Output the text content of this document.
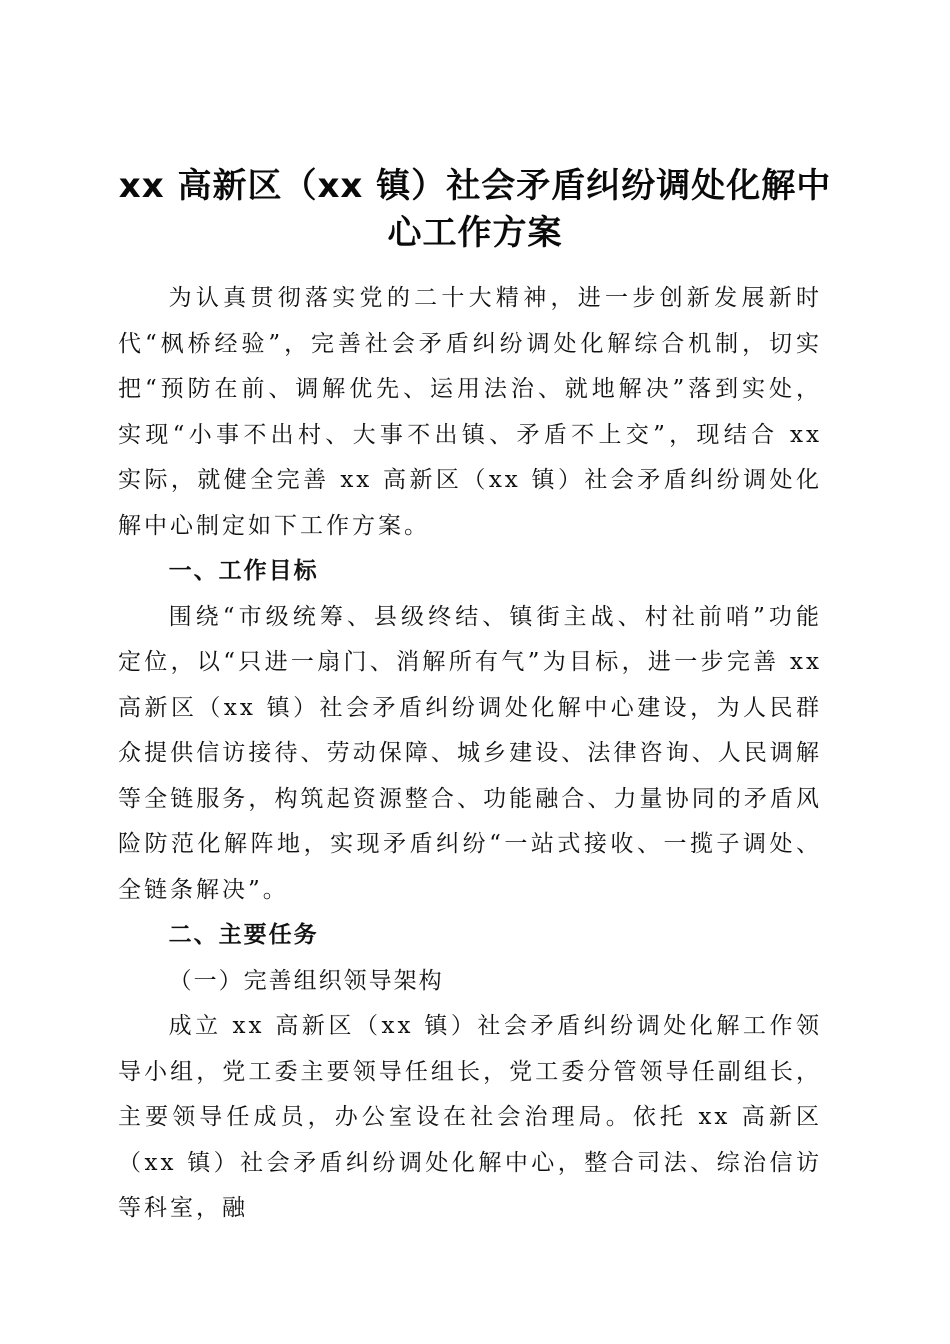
xx 高新区（xx 镇）社会矛盾纠纷调处化解中
心工作方案

为认真贯彻落实党的二十大精神，进一步创新发展新时代“枫桥经验”，完善社会矛盾纠纷调处化解综合机制，切实把“预防在前、调解优先、运用法治、就地解决”落到实处，实现“小事不出村、大事不出镇、矛盾不上交”，现结合 xx 实际，就健全完善 xx 高新区（xx 镇）社会矛盾纠纷调处化解中心制定如下工作方案。

一、工作目标

围绕“市级统筹、县级终结、镇街主战、村社前哨”功能定位，以“只进一扇门、消解所有气”为目标，进一步完善 xx 高新区（xx 镇）社会矛盾纠纷调处化解中心建设，为人民群众提供信访接待、劳动保障、城乡建设、法律咨询、人民调解等全链服务，构筑起资源整合、功能融合、力量协同的矛盾风险防范化解阵地，实现矛盾纠纷“一站式接收、一揽子调处、全链条解决”。

二、主要任务

（一）完善组织领导架构

成立 xx 高新区（xx 镇）社会矛盾纠纷调处化解工作领导小组，党工委主要领导任组长，党工委分管领导任副组长，主要领导任成员，办公室设在社会治理局。依托 xx 高新区（xx 镇）社会矛盾纠纷调处化解中心，整合司法、综治信访等科室，融
